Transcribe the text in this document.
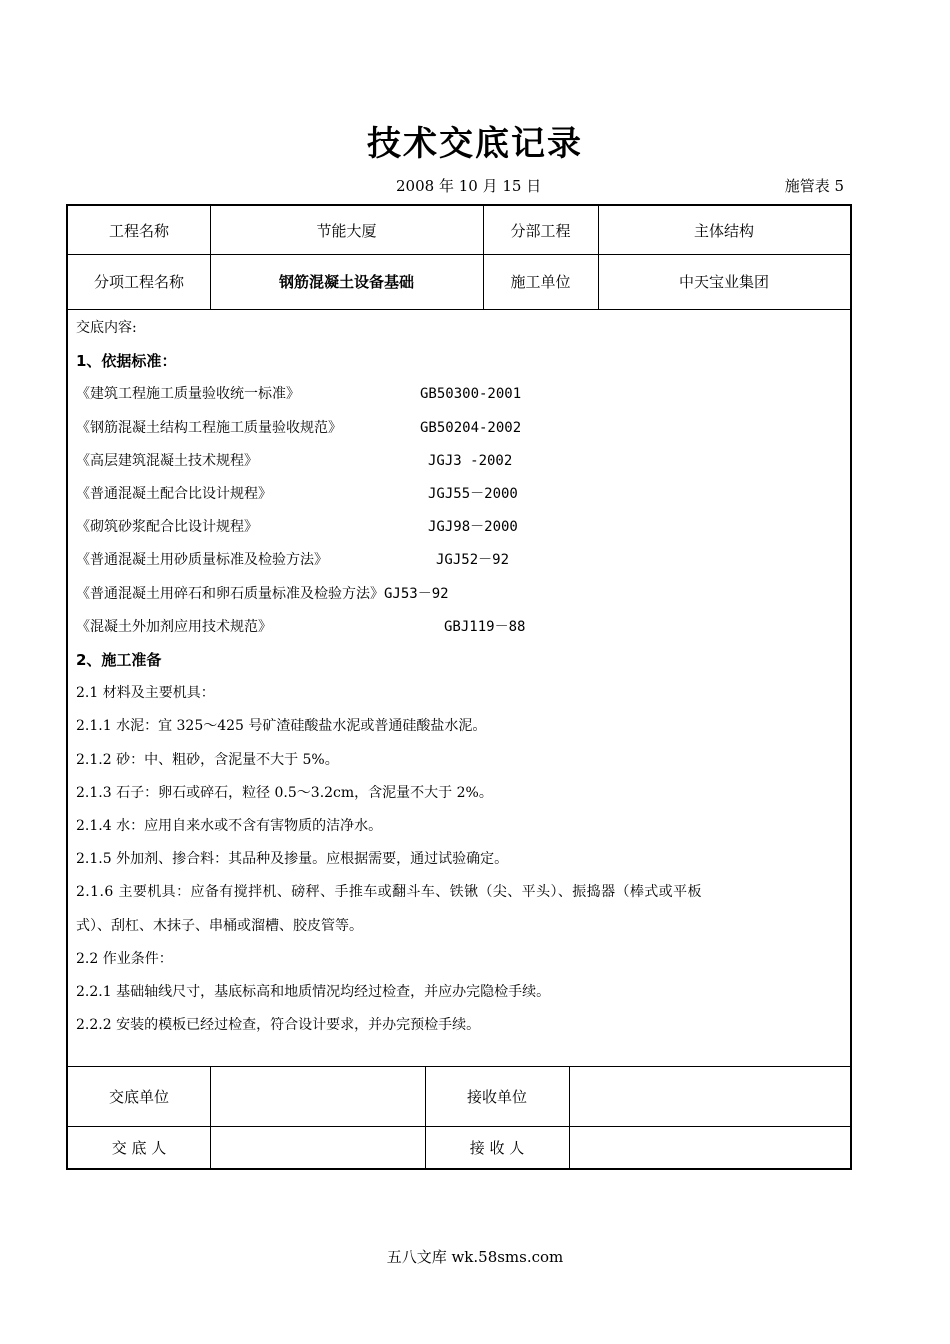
技术交底记录
2008 年 10 月 15 日	施管表 5
工程名称	节能大厦	分部工程	主体结构
分项工程名称	钢筋混凝土设备基础	施工单位	中天宝业集团
交底内容:
1、依据标准：
《建筑工程施工质量验收统一标准》	GB50300-2001
《钢筋混凝土结构工程施工质量验收规范》	GB50204-2002
《高层建筑混凝土技术规程》	JGJ3 -2002
《普通混凝土配合比设计规程》	JGJ55－2000
《砌筑砂浆配合比设计规程》	JGJ98－2000
《普通混凝土用砂质量标准及检验方法》	JGJ52－92
《普通混凝土用碎石和卵石质量标准及检验方法》 GJ53－92
《混凝土外加剂应用技术规范》	GBJ119－88
2、施工准备
2.1 材料及主要机具：
2.1.1 水泥：宜 325～425 号矿渣硅酸盐水泥或普通硅酸盐水泥。
2.1.2 砂：中、粗砂，含泥量不大于 5%。
2.1.3 石子：卵石或碎石，粒径 0.5～3.2cm，含泥量不大于 2%。
2.1.4 水：应用自来水或不含有害物质的洁净水。
2.1.5 外加剂、掺合料：其品种及掺量。应根据需要，通过试验确定。
2.1.6 主要机具：应备有搅拌机、磅秤、手推车或翻斗车、铁锹（尖、平头）、振捣器（棒式或平板
式）、刮杠、木抹子、串桶或溜槽、胶皮管等。
2.2 作业条件：
2.2.1 基础轴线尺寸，基底标高和地质情况均经过检查，并应办完隐检手续。
2.2.2 安装的模板已经过检查，符合设计要求，并办完预检手续。
交底单位	接收单位
交 底 人	接 收 人
五八文库 wk.58sms.com
